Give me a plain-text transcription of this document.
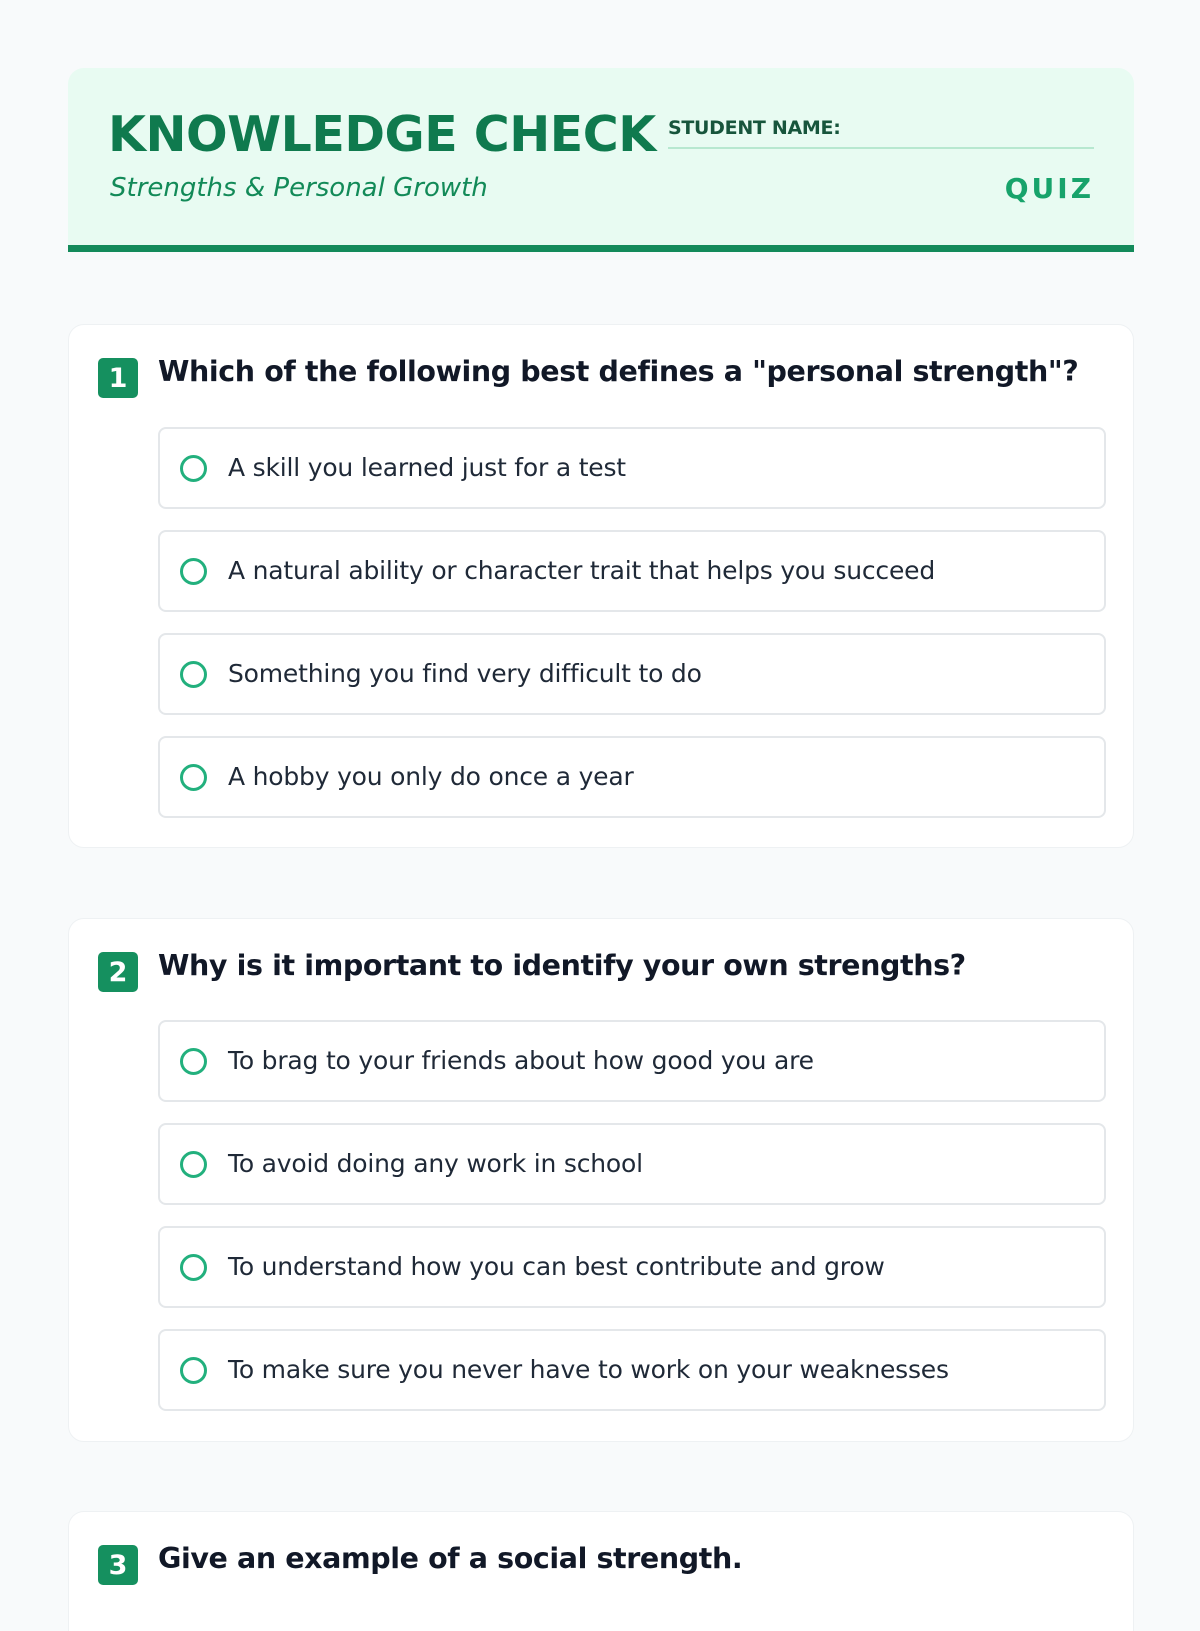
KNOWLEDGE CHECK
Strengths & Personal Growth
STUDENT NAME:
QUIZ
1	Which of the following best defines a "personal strength"?
A skill you learned just for a test
A natural ability or character trait that helps you succeed
Something you find very difficult to do
A hobby you only do once a year
2	Why is it important to identify your own strengths?
To brag to your friends about how good you are
To avoid doing any work in school
To understand how you can best contribute and grow
To make sure you never have to work on your weaknesses
3	Give an example of a social strength.
